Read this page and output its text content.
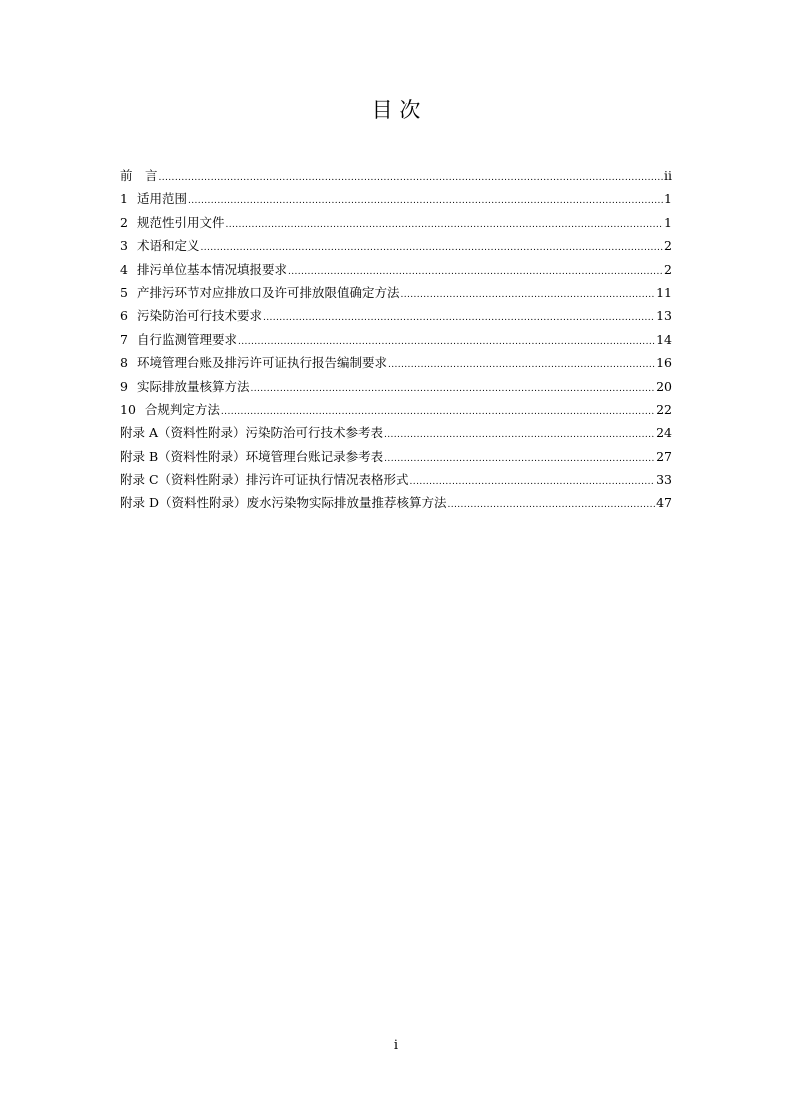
目 次
前　言 .....	ii
1 适用范围 .....	1
2 规范性引用文件 .....	1
3 术语和定义 .....	2
4 排污单位基本情况填报要求 .....	2
5 产排污环节对应排放口及许可排放限值确定方法 .....	11
6 污染防治可行技术要求 .....	13
7 自行监测管理要求 .....	14
8 环境管理台账及排污许可证执行报告编制要求 .....	16
9 实际排放量核算方法 .....	20
10 合规判定方法 .....	22
附录 A（资料性附录）污染防治可行技术参考表 .....	24
附录 B（资料性附录）环境管理台账记录参考表 .....	27
附录 C（资料性附录）排污许可证执行情况表格形式 .....	33
附录 D（资料性附录）废水污染物实际排放量推荐核算方法 .....	47
i
